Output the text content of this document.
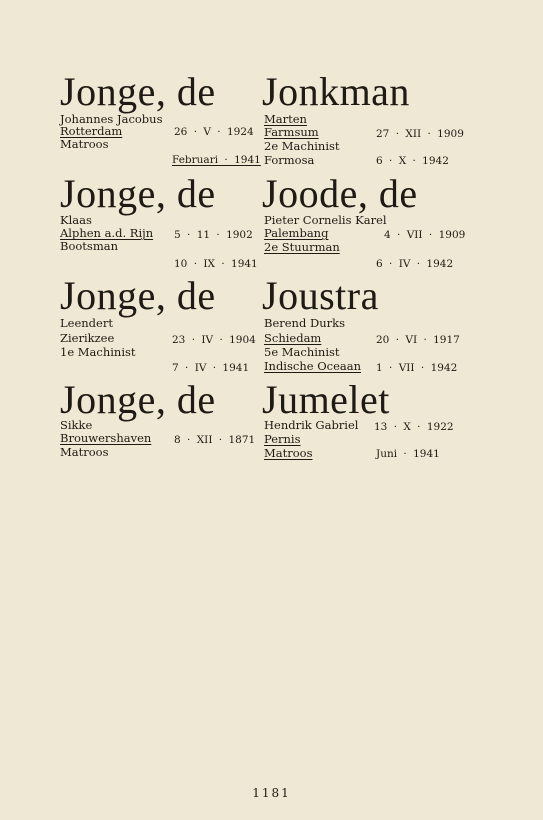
Jonge, de
Johannes Jacobus
Rotterdam	26 · V · 1924
Matroos
Februari · 1941
Jonge, de
Klaas
Alphen a.d. Rijn 5 · 11 · 1902
Bootsman
10 · IX · 1941
Jonge, de
Leendert
Zierikzee	23 · IV · 1904
1e Machinist
7 · IV · 1941
Jonge, de
Sikke
Brouwershaven 8 · XII · 1871
Matroos
Jonkman
Marten
Farmsum	27 · XII · 1909
2e Machinist
Formosa	6 · X · 1942
Joode, de
Pieter Cornelis Karel
Palembang	4 · VII · 1909
2e Stuurman
6 · IV · 1942
Joustra
Berend Durks
Schiedam	20 · VI · 1917
5e Machinist
Indische Oceaan 1 · VII · 1942
Jumelet
Hendrik Gabriel 13 · X · 1922
Pernis
Matroos	Juni · 1941
1181
